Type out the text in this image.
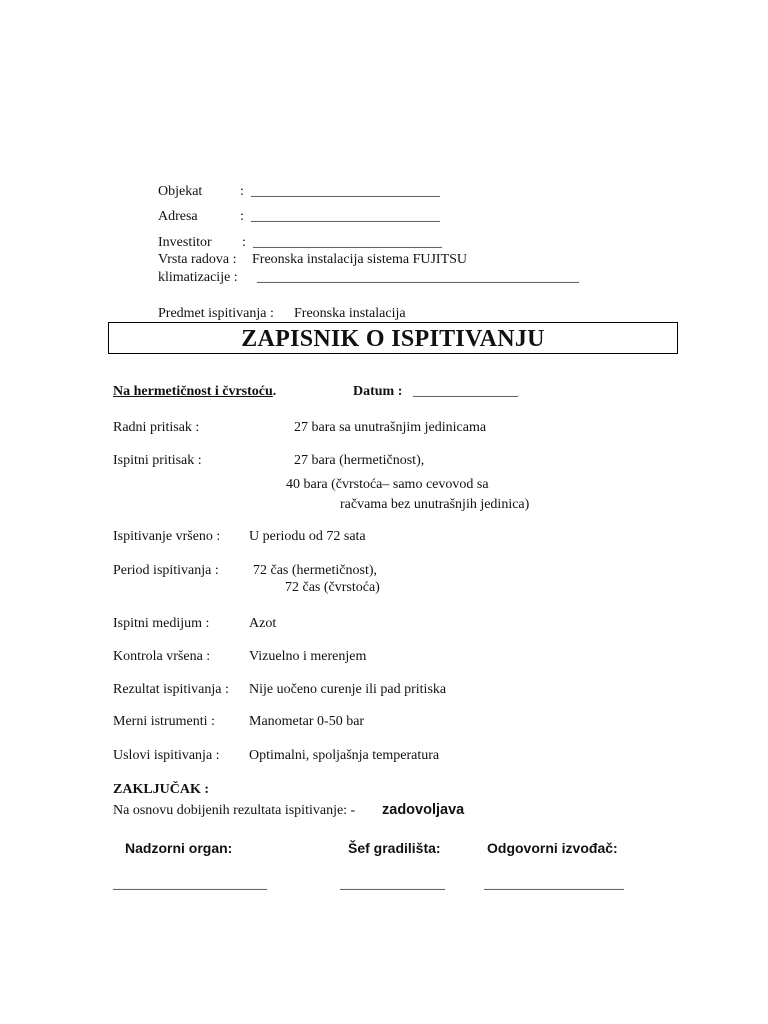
Objekat	: ___________________________
Adresa	: ___________________________
Investitor : ___________________________
Vrsta radova : Freonska instalacija sistema FUJITSU
klimatizacije : ______________________________________________
Predmet ispitivanja : Freonska instalacija
ZAPISNIK O ISPITIVANJU
Na hermetičnost i čvrstoću.	Datum : _______________
Radni pritisak :	27 bara sa unutrašnjim jedinicama
Ispitni pritisak :	27 bara (hermetičnost),
40 bara (čvrstoća– samo cevovod sa
račvama bez unutrašnjih jedinica)
Ispitivanje vršeno : U periodu od 72 sata
Period ispitivanja : 72 čas (hermetičnost),
72 čas (čvrstoća)
Ispitni medijum :	Azot
Kontrola vršena :	Vizuelno i merenjem
Rezultat ispitivanja : Nije uočeno curenje ili pad pritiska
Merni istrumenti : Manometar 0-50 bar
Uslovi ispitivanja : Optimalni, spoljašnja temperatura
ZAKLJUČAK :
Na osnovu dobijenih rezultata ispitivanje: - zadovoljava
Nadzorni organ:	Šef gradilišta:	Odgovorni izvođač:
______________________	_______________	____________________
